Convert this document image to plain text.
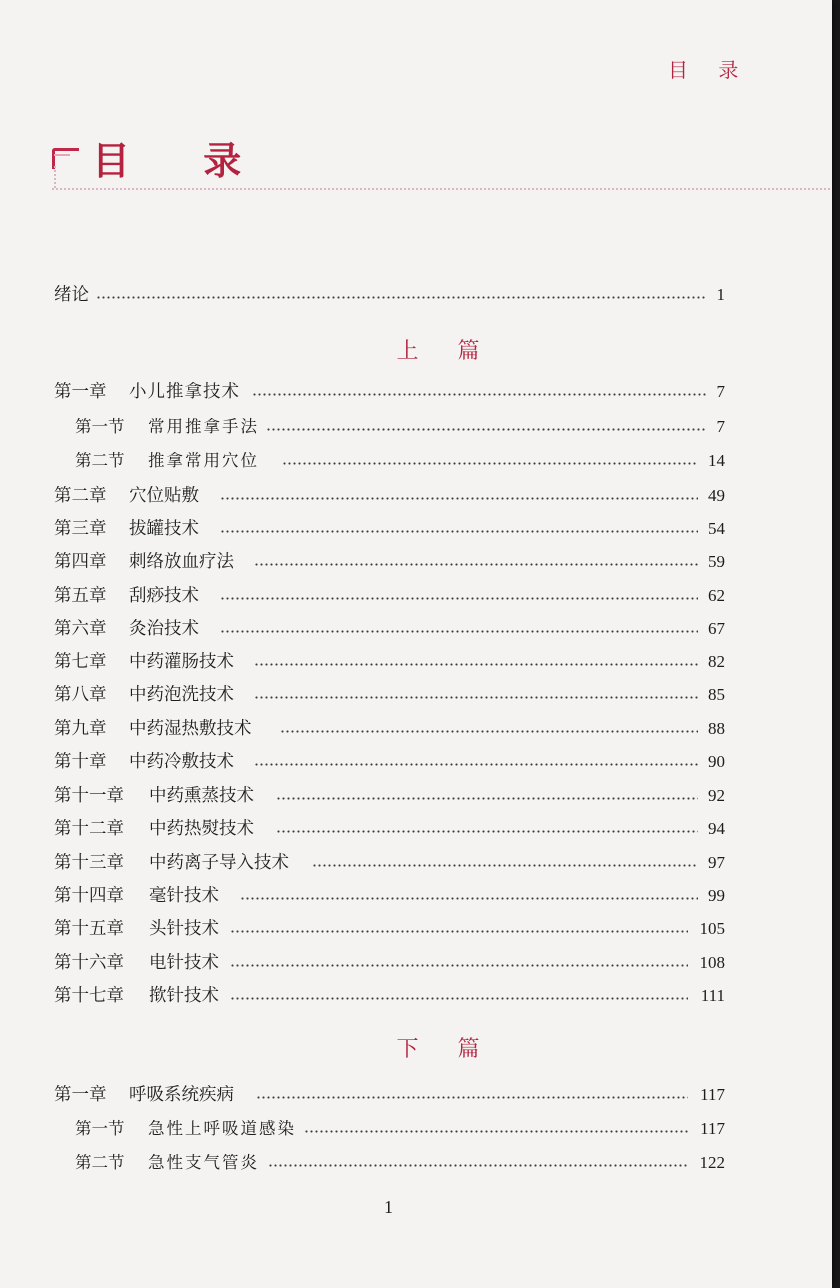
目 录
目 录
绪论	1
上 篇
第一章 小儿推拿技术	7
第一节 常用推拿手法	7
第二节 推拿常用穴位	14
第二章 穴位贴敷	49
第三章 拔罐技术	54
第四章 刺络放血疗法	59
第五章 刮痧技术	62
第六章 灸治技术	67
第七章 中药灌肠技术	82
第八章 中药泡洗技术	85
第九章 中药湿热敷技术	88
第十章 中药冷敷技术	90
第十一章 中药熏蒸技术	92
第十二章 中药热熨技术	94
第十三章 中药离子导入技术	97
第十四章 毫针技术	99
第十五章 头针技术	105
第十六章 电针技术	108
第十七章 揿针技术	111
下 篇
第一章 呼吸系统疾病	117
第一节 急性上呼吸道感染	117
第二节 急性支气管炎	122
1
